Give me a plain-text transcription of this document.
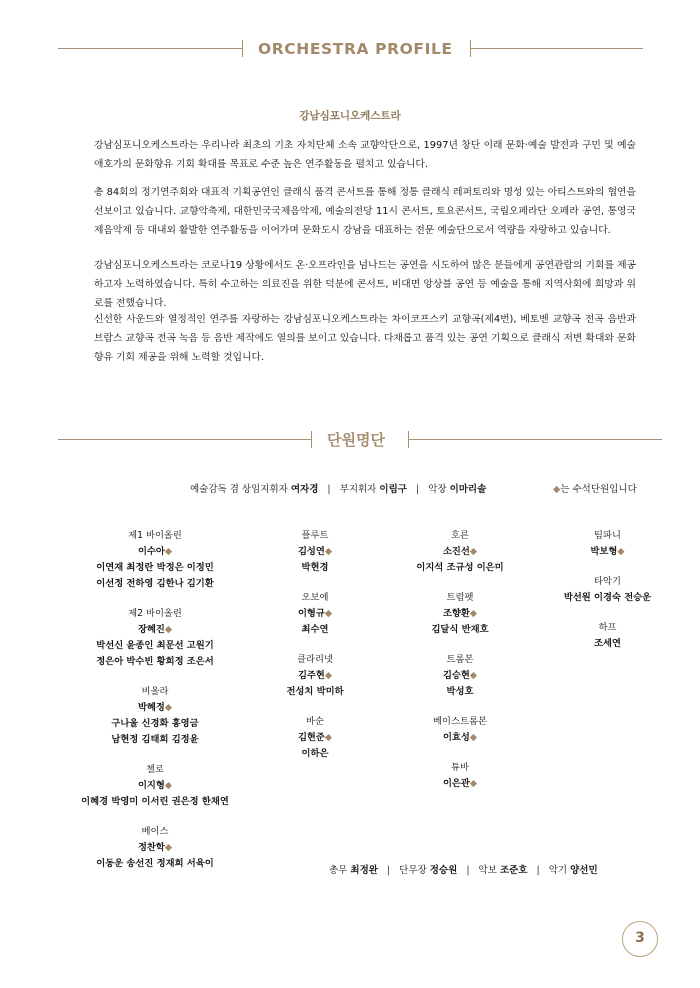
ORCHESTRA PROFILE
강남심포니오케스트라

강남심포니오케스트라는 우리나라 최초의 기초 자치단체 소속 교향악단으로, 1997년 창단 이래 문화·예술 발전과 구민 및 예술 애호가의 문화향유 기회 확대를 목표로 수준 높은 연주활동을 펼치고 있습니다.

총 84회의 정기연주회와 대표적 기획공연인 클래식 품격 콘서트를 통해 정통 클래식 레퍼토리와 명성 있는 아티스트와의 협연을 선보이고 있습니다. 교향악축제, 대한민국국제음악제, 예술의전당 11시 콘서트, 토요콘서트, 국립오페라단 오페라 공연, 통영국제음악제 등 대내외 활발한 연주활동을 이어가며 문화도시 강남을 대표하는 전문 예술단으로서 역량을 자랑하고 있습니다.

강남심포니오케스트라는 코로나19 상황에서도 온·오프라인을 넘나드는 공연을 시도하여 많은 분들에게 공연관람의 기회를 제공하고자 노력하였습니다. 특히 수고하는 의료진을 위한 덕분에 콘서트, 비대면 앙상블 공연 등 예술을 통해 지역사회에 희망과 위로를 전했습니다.

신선한 사운드와 열정적인 연주를 자랑하는 강남심포니오케스트라는 차이코프스키 교향곡(제4번), 베토벤 교향곡 전곡 음반과 브람스 교향곡 전곡 녹음 등 음반 제작에도 열의를 보이고 있습니다. 다채롭고 품격 있는 공연 기획으로 클래식 저변 확대와 문화향유 기회 제공을 위해 노력할 것입니다.

단원명단
예술감독 겸 상임지휘자 여자경 | 부지휘자 이림구 | 악장 이마리솔	◆는 수석단원입니다
제1 바이올린
이수아◆
이연재 최정란 박정은 이정민
이선정 전하영 김한나 김기환
제2 바이올린
장혜진◆
박선신 윤종인 최문선 고원기
정은아 박수빈 황희정 조은서
비올라
박혜정◆
구나울 신경화 홍영금
남현정 김태희 김정윤
첼로
이지형◆
이혜경 박영미 이서린 권은정 한채연
베이스
정찬학◆
이동운 송선진 정재희 서육이
플루트
김성연◆
박현경
오보에
이형규◆
최수연
클라리넷
김주현◆
전성치 박미하
바순
김현준◆
이하은
호른
소진선◆
이지석 조규성 이은미
트럼펫
조향환◆
김달식 반재호
트롬본
김승현◆
박성호
베이스트롬본
이효성◆
튜바
이은관◆
팀파니
박보형◆
타악기
박선원 이경숙 전승운
하프
조세연
총무 최정완 | 단무장 정승원 | 악보 조준호 | 악기 양선민
3
